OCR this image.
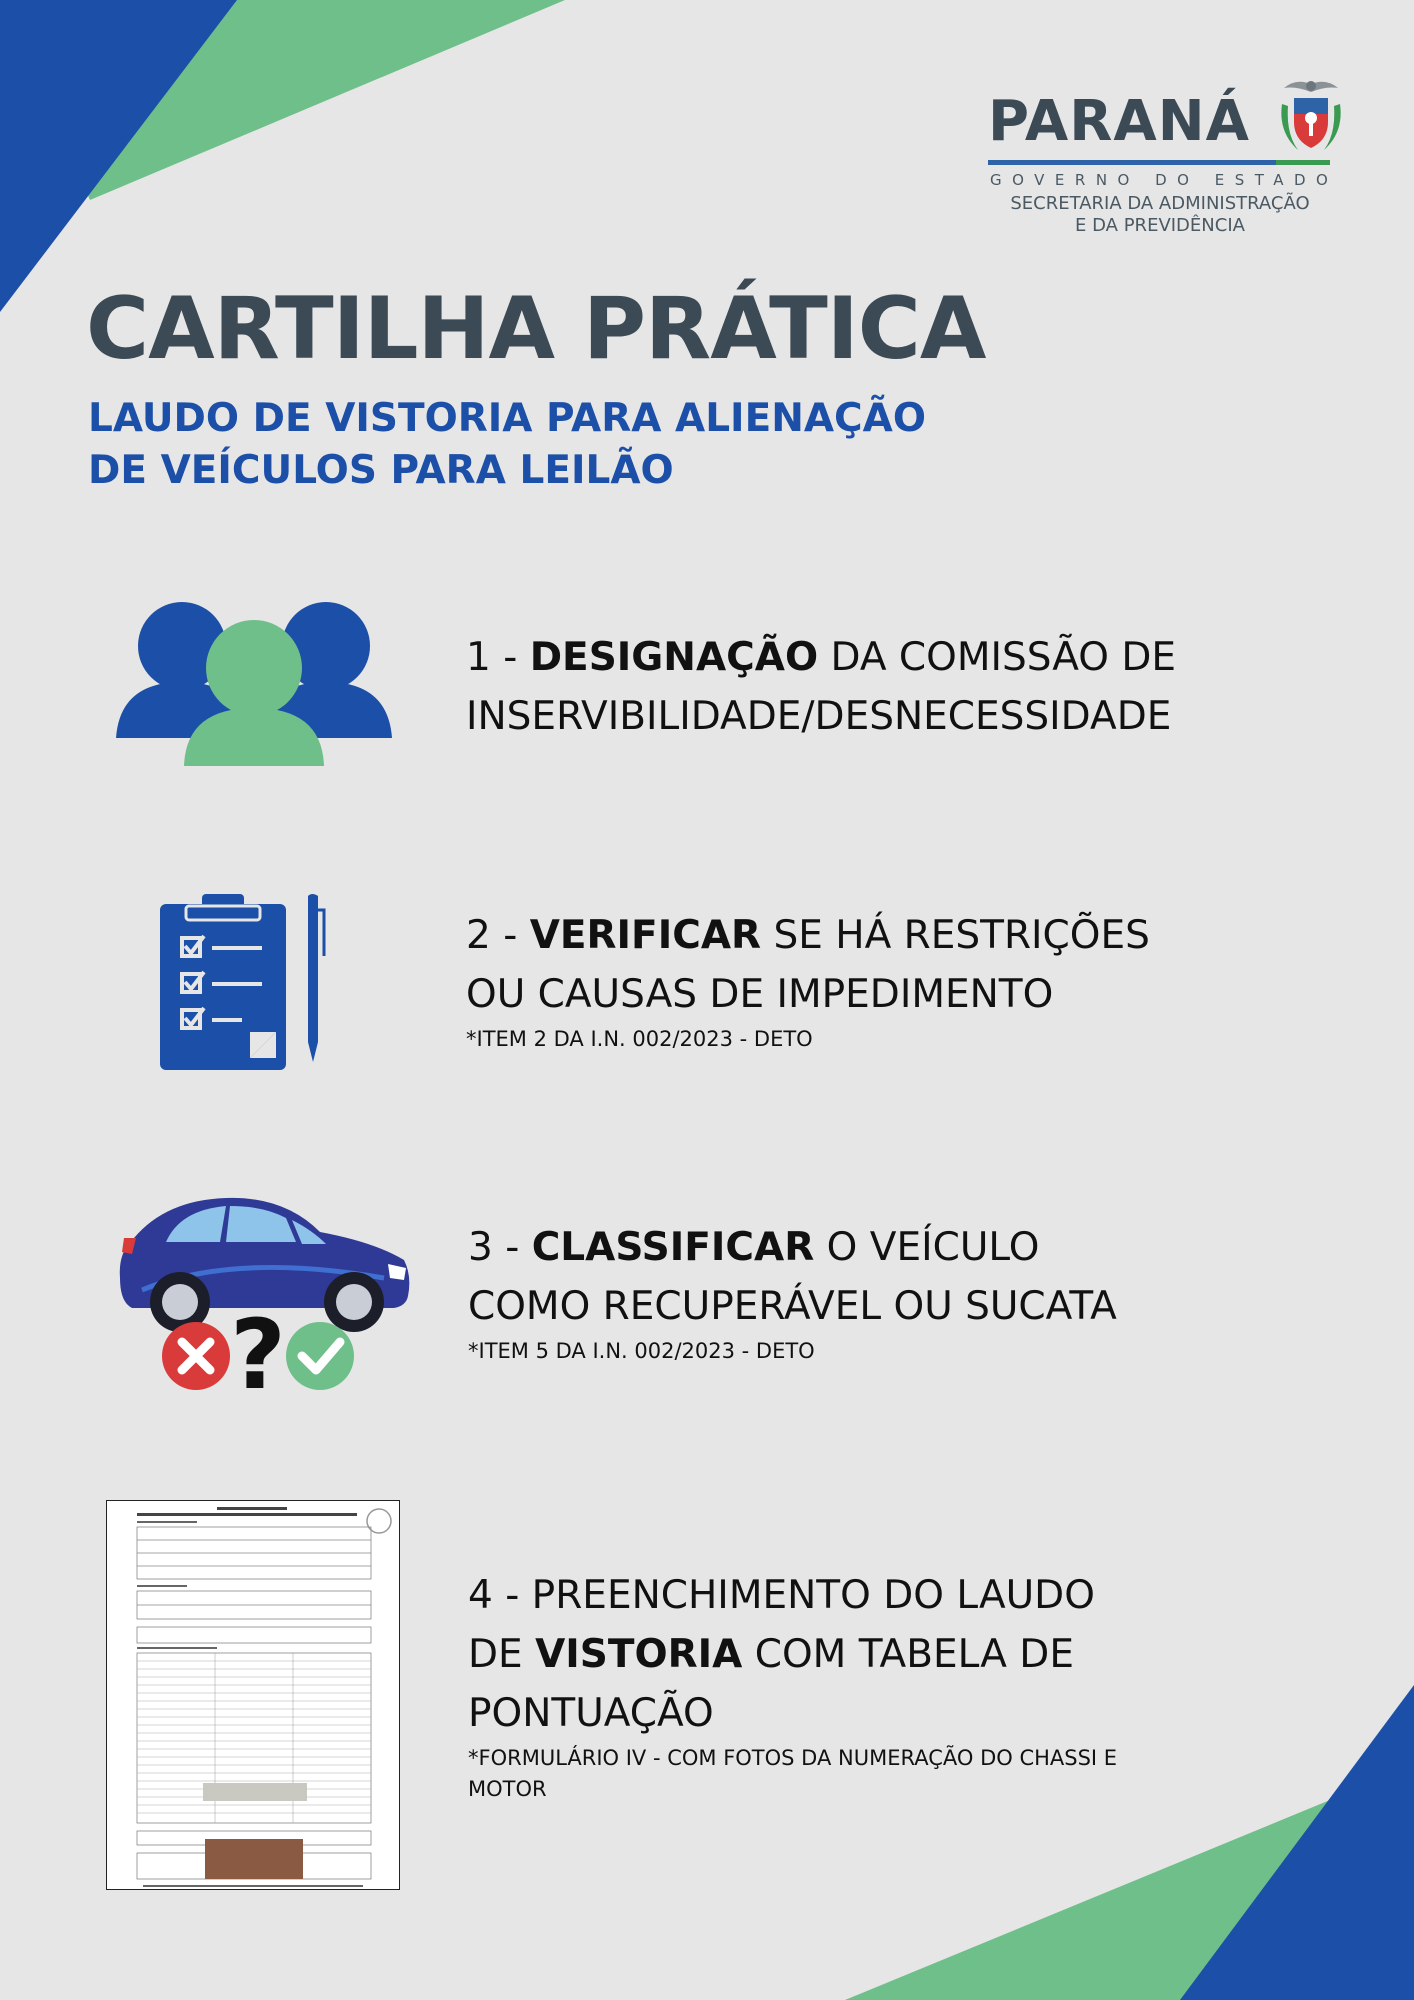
PARANÁ
GOVERNO DO ESTADO
SECRETARIA DA ADMINISTRAÇÃO
E DA PREVIDÊNCIA
CARTILHA PRÁTICA
LAUDO DE VISTORIA PARA ALIENAÇÃO
DE VEÍCULOS PARA LEILÃO
1 - DESIGNAÇÃO DA COMISSÃO DE
INSERVIBILIDADE/DESNECESSIDADE
2 - VERIFICAR SE HÁ RESTRIÇÕES
OU CAUSAS DE IMPEDIMENTO
*ITEM 2 DA I.N. 002/2023 - DETO
?
3 - CLASSIFICAR O VEÍCULO
COMO RECUPERÁVEL OU SUCATA
*ITEM 5 DA I.N. 002/2023 - DETO
4 - PREENCHIMENTO DO LAUDO
DE VISTORIA COM TABELA DE
PONTUAÇÃO
*FORMULÁRIO IV - COM FOTOS DA NUMERAÇÃO DO CHASSI E
MOTOR
